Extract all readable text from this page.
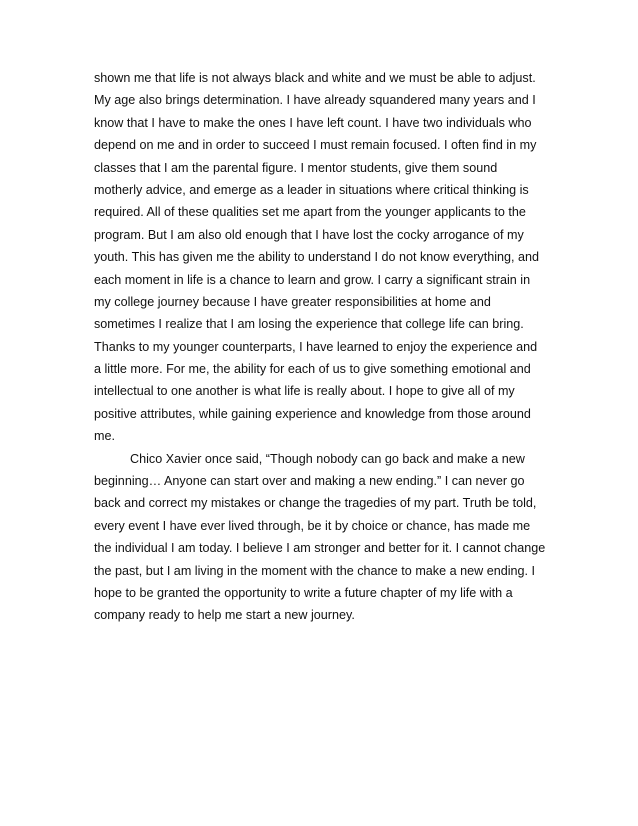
shown me that life is not always black and white and we must be able to adjust.
My age also brings determination. I have already squandered many years and I
know that I have to make the ones I have left count. I have two individuals who
depend on me and in order to succeed I must remain focused. I often find in my
classes that I am the parental figure. I mentor students, give them sound
motherly advice, and emerge as a leader in situations where critical thinking is
required. All of these qualities set me apart from the younger applicants to the
program. But I am also old enough that I have lost the cocky arrogance of my
youth. This has given me the ability to understand I do not know everything, and
each moment in life is a chance to learn and grow. I carry a significant strain in
my college journey because I have greater responsibilities at home and
sometimes I realize that I am losing the experience that college life can bring.
Thanks to my younger counterparts, I have learned to enjoy the experience and
a little more. For me, the ability for each of us to give something emotional and
intellectual to one another is what life is really about. I hope to give all of my
positive attributes, while gaining experience and knowledge from those around
me.
Chico Xavier once said, “Though nobody can go back and make a new
beginning… Anyone can start over and making a new ending.” I can never go
back and correct my mistakes or change the tragedies of my part. Truth be told,
every event I have ever lived through, be it by choice or chance, has made me
the individual I am today. I believe I am stronger and better for it. I cannot change
the past, but I am living in the moment with the chance to make a new ending. I
hope to be granted the opportunity to write a future chapter of my life with a
company ready to help me start a new journey.
